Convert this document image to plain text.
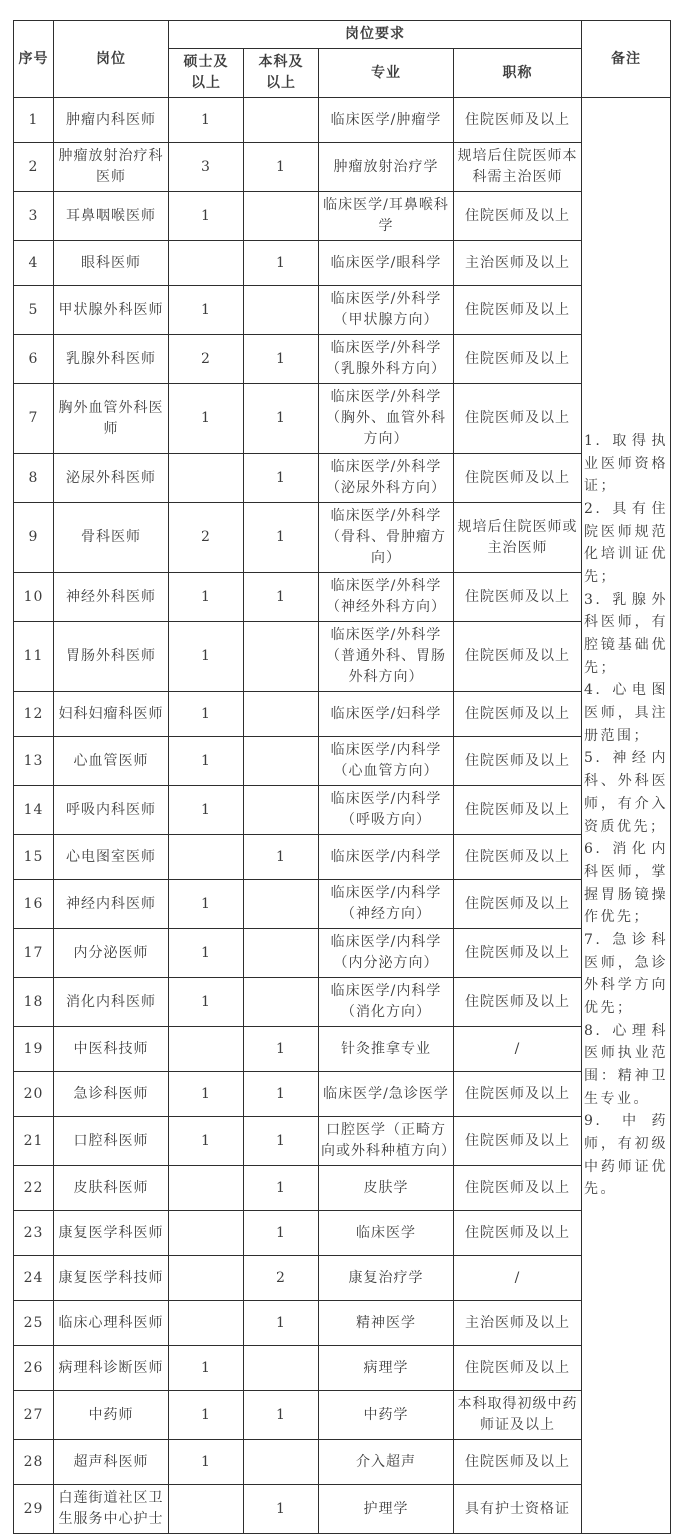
序号	岗位	岗位要求				备注
		硕士及以上	本科及以上	专业	职称	
1	肿瘤内科医师	1		临床医学/肿瘤学	住院医师及以上	
1. 取得执业医师资格证；
2. 具有住院医师规范化培训证优先；
3. 乳腺外科医师，有腔镜基础优先；
4. 心电图医师，具注册范围；
5. 神经内科、外科医师，有介入资质优先；
6. 消化内科医师，掌握胃肠镜操作优先；
7. 急诊科医师，急诊外科学方向优先；
8. 心理科医师执业范围：精神卫生专业。
9. 中药师，有初级中药师证优先。

2	肿瘤放射治疗科医师	3	1	肿瘤放射治疗学	规培后住院医师本科需主治医师	
3	耳鼻咽喉医师	1		临床医学/耳鼻喉科学	住院医师及以上	
4	眼科医师		1	临床医学/眼科学	主治医师及以上	
5	甲状腺外科医师	1		临床医学/外科学（甲状腺方向）	住院医师及以上	
6	乳腺外科医师	2	1	临床医学/外科学（乳腺外科方向）	住院医师及以上	
7	胸外血管外科医师	1	1	临床医学/外科学（胸外、血管外科方向）	住院医师及以上	
8	泌尿外科医师		1	临床医学/外科学（泌尿外科方向）	住院医师及以上	
9	骨科医师	2	1	临床医学/外科学（骨科、骨肿瘤方向）	规培后住院医师或主治医师	
10	神经外科医师	1	1	临床医学/外科学（神经外科方向）	住院医师及以上	
11	胃肠外科医师	1		临床医学/外科学（普通外科、胃肠外科方向）	住院医师及以上	
12	妇科妇瘤科医师	1		临床医学/妇科学	住院医师及以上	
13	心血管医师	1		临床医学/内科学（心血管方向）	住院医师及以上	
14	呼吸内科医师	1		临床医学/内科学（呼吸方向）	住院医师及以上	
15	心电图室医师		1	临床医学/内科学	住院医师及以上	
16	神经内科医师	1		临床医学/内科学（神经方向）	住院医师及以上	
17	内分泌医师	1		临床医学/内科学（内分泌方向）	住院医师及以上	
18	消化内科医师	1		临床医学/内科学（消化方向）	住院医师及以上	
19	中医科技师		1	针灸推拿专业	/	
20	急诊科医师	1	1	临床医学/急诊医学	住院医师及以上	
21	口腔科医师	1	1	口腔医学（正畸方向或外科种植方向）	住院医师及以上	
22	皮肤科医师		1	皮肤学	住院医师及以上	
23	康复医学科医师		1	临床医学	住院医师及以上	
24	康复医学科技师		2	康复治疗学	/	
25	临床心理科医师		1	精神医学	主治医师及以上	
26	病理科诊断医师	1		病理学	住院医师及以上	
27	中药师	1	1	中药学	本科取得初级中药师证及以上	
28	超声科医师	1		介入超声	住院医师及以上	
29	白莲街道社区卫生服务中心护士		1	护理学	具有护士资格证	
